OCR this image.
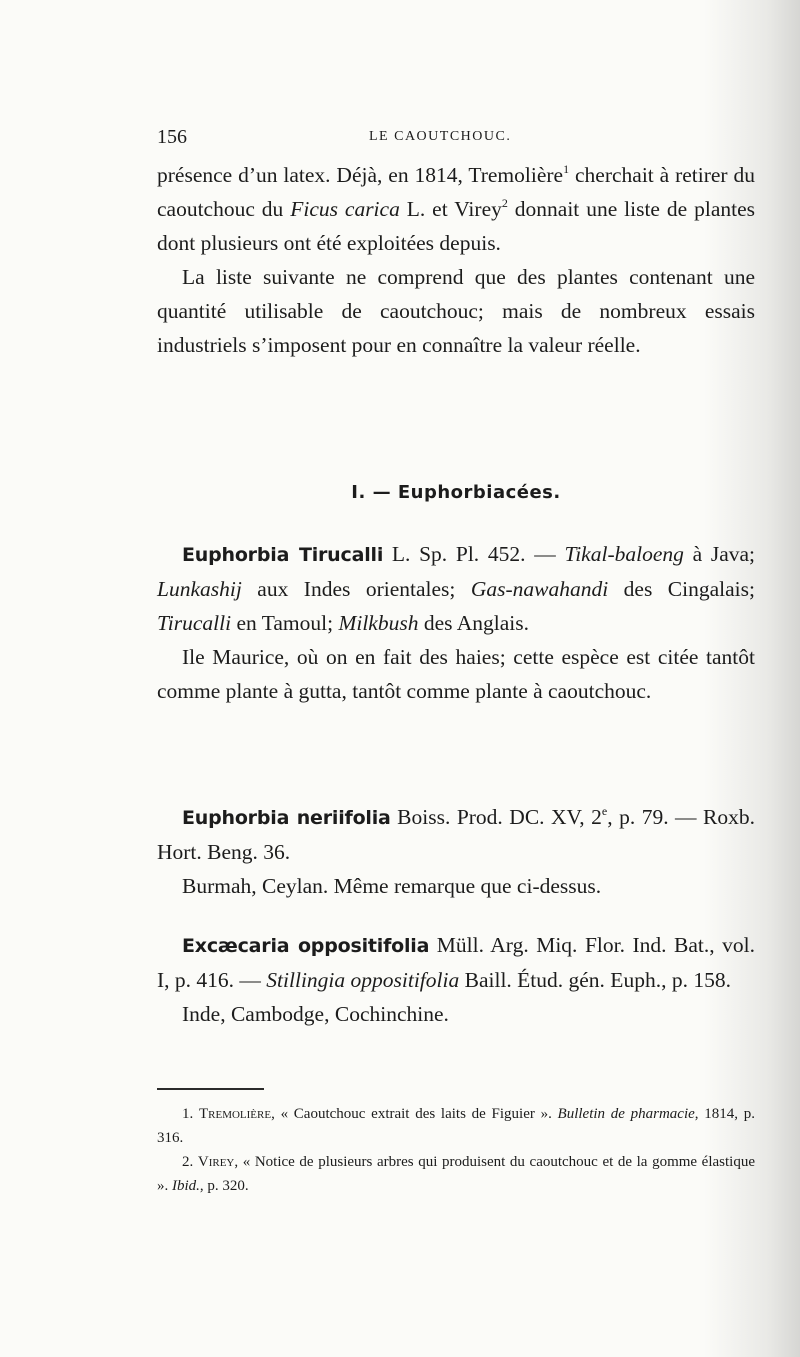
156	LE CAOUTCHOUC.

présence d’un latex. Déjà, en 1814, Tremolière$^1$ cherchait à retirer du caoutchouc du Ficus carica L. et Virey$^2$ donnait une liste de plantes dont plusieurs ont été exploitées depuis.

La liste suivante ne comprend que des plantes contenant une quantité utilisable de caoutchouc; mais de nombreux essais industriels s’imposent pour en connaître la valeur réelle.

I. — Euphorbiacées.

Euphorbia Tirucalli L. Sp. Pl. 452. — Tikal-baloeng à Java; Lunkashij aux Indes orientales; Gas-nawahandi des Cingalais; Tirucalli en Tamoul; Milkbush des Anglais.

Ile Maurice, où on en fait des haies; cette espèce est citée tantôt comme plante à gutta, tantôt comme plante à caoutchouc.

Euphorbia neriifolia Boiss. Prod. DC. XV, 2e, p. 79. — Roxb. Hort. Beng. 36.

Burmah, Ceylan. Même remarque que ci-dessus.

Excæcaria oppositifolia Müll. Arg. Miq. Flor. Ind. Bat., vol. I, p. 416. — Stillingia oppositifolia Baill. Étud. gén. Euph., p. 158.

Inde, Cambodge, Cochinchine.

1. Tremolière, « Caoutchouc extrait des laits de Figuier ». Bulletin de pharmacie, 1814, p. 316.

2. Virey, « Notice de plusieurs arbres qui produisent du caoutchouc et de la gomme élastique ». Ibid., p. 320.
